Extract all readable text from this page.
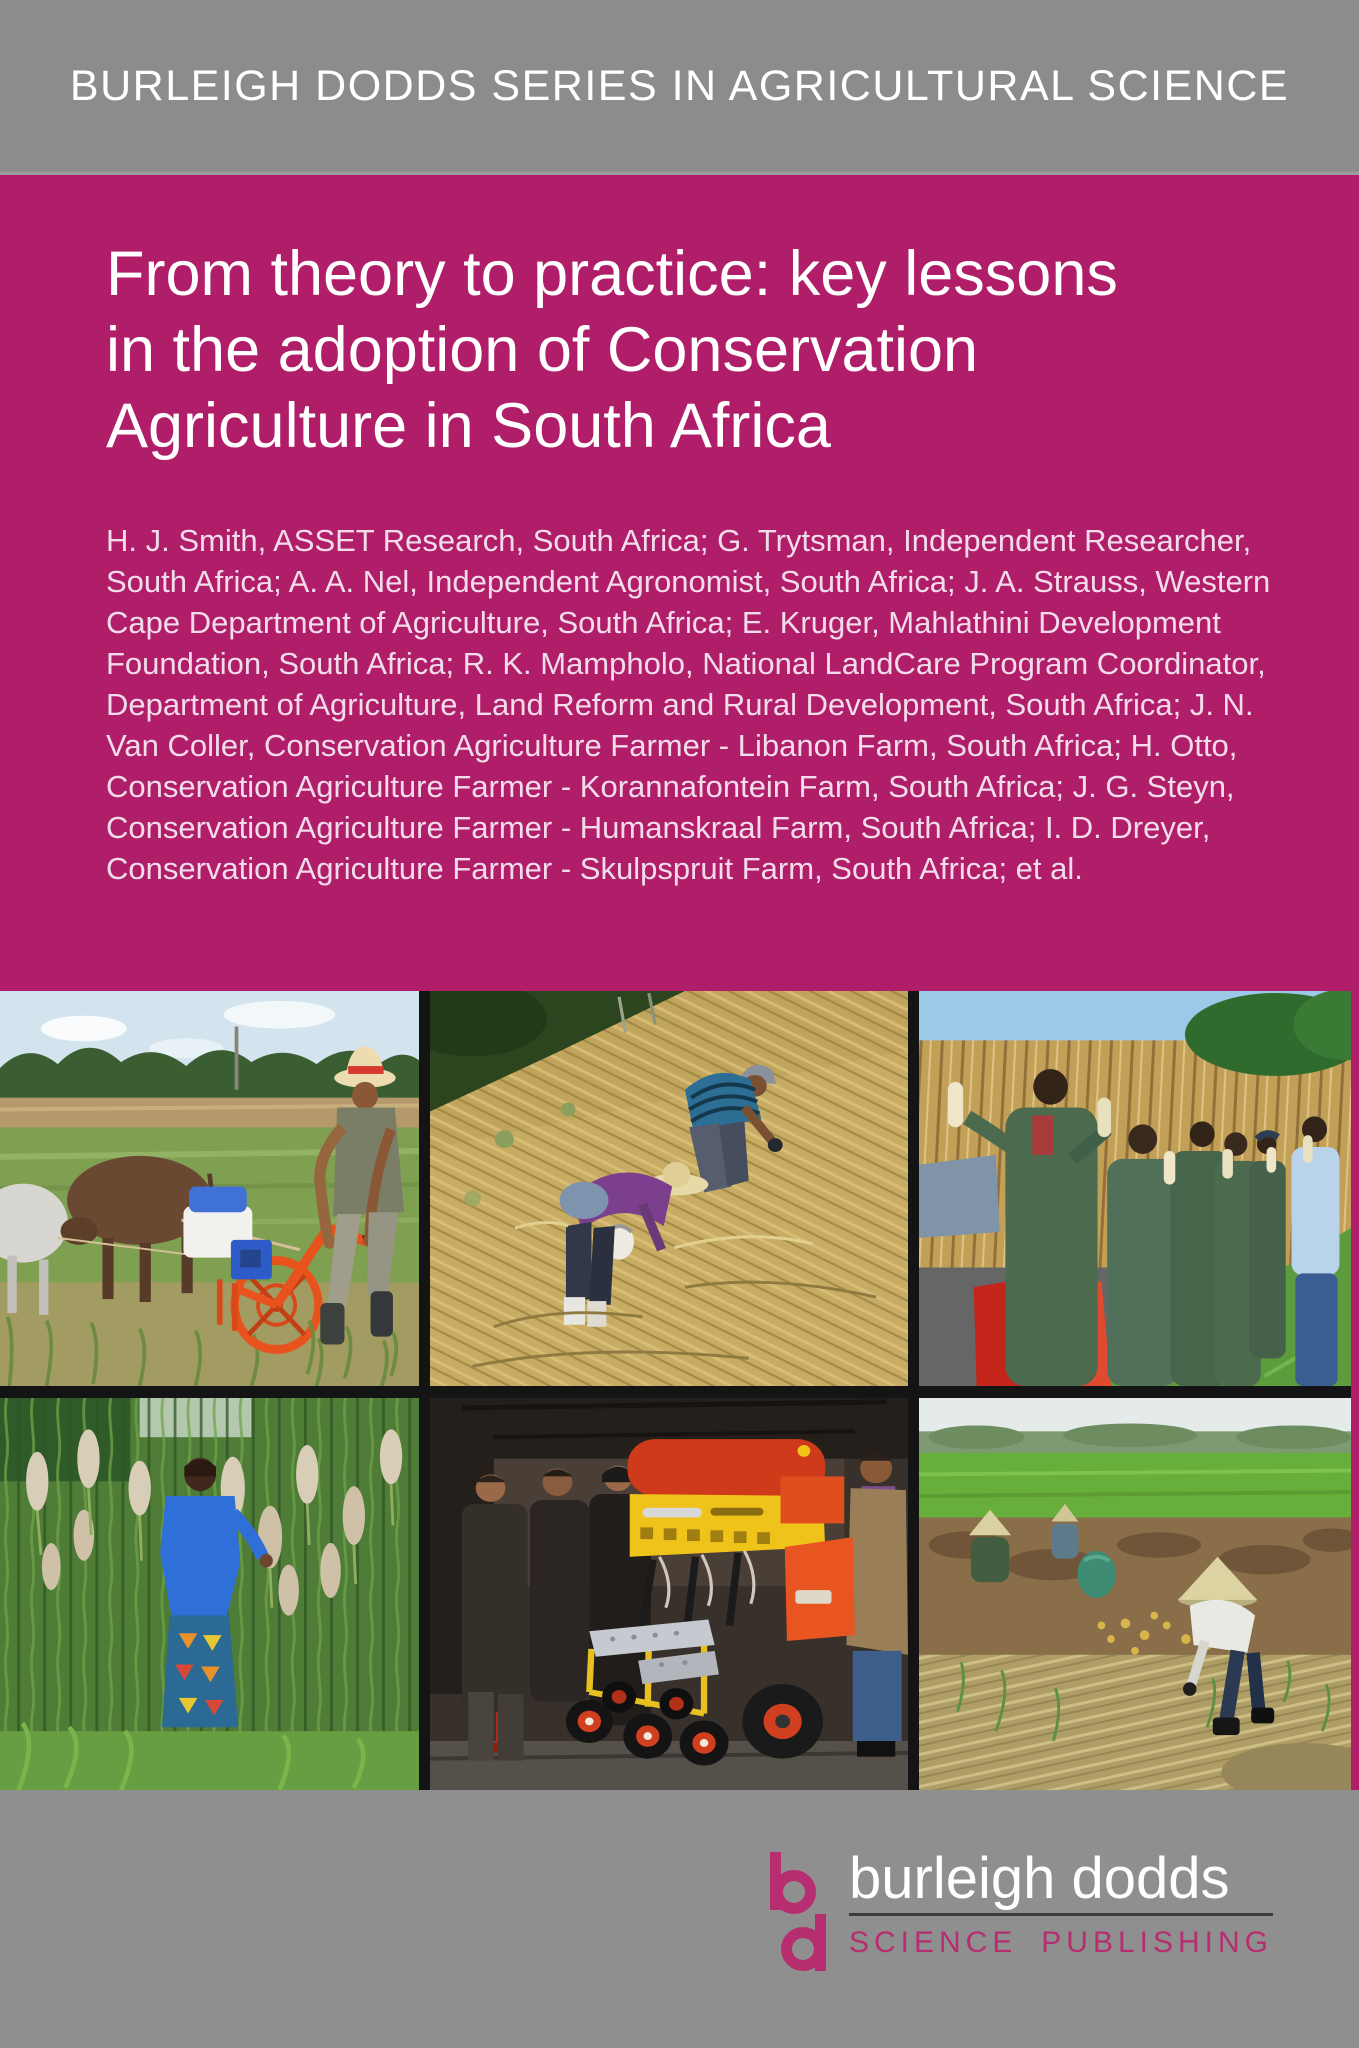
BURLEIGH DODDS SERIES IN AGRICULTURAL SCIENCE
From theory to practice: key lessons
in the adoption of Conservation
Agriculture in South Africa
H. J. Smith, ASSET Research, South Africa; G. Trytsman, Independent Researcher,
South Africa; A. A. Nel, Independent Agronomist, South Africa; J. A. Strauss, Western
Cape Department of Agriculture, South Africa; E. Kruger, Mahlathini Development
Foundation, South Africa; R. K. Mampholo, National LandCare Program Coordinator,
Department of Agriculture, Land Reform and Rural Development, South Africa; J. N.
Van Coller, Conservation Agriculture Farmer - Libanon Farm, South Africa; H. Otto,
Conservation Agriculture Farmer - Korannafontein Farm, South Africa; J. G. Steyn,
Conservation Agriculture Farmer - Humanskraal Farm, South Africa; I. D. Dreyer,
Conservation Agriculture Farmer - Skulpspruit Farm, South Africa; et al.
burleigh dodds
SCIENCE PUBLISHING
